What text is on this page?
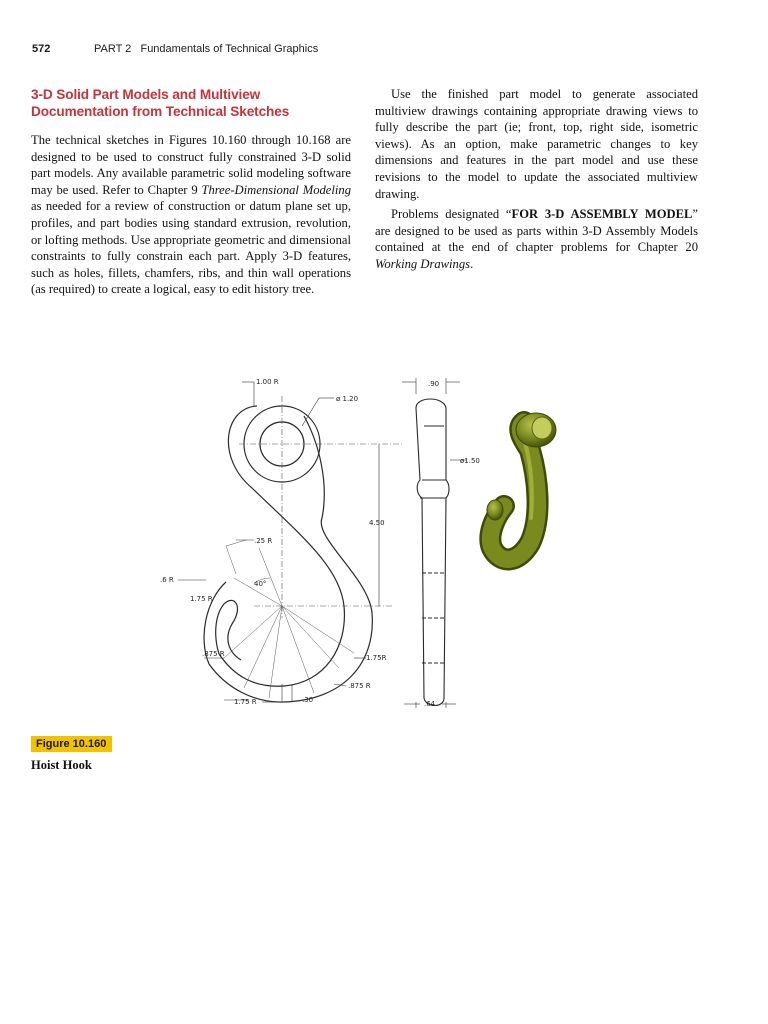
572	PART 2 Fundamentals of Technical Graphics
3-D Solid Part Models and Multiview
Documentation from Technical Sketches

The technical sketches in Figures 10.160 through 10.168 are designed to be used to construct fully constrained 3-D solid part models. Any available parametric solid modeling software may be used. Refer to Chapter 9 Three-Dimensional Modeling as needed for a review of construction or datum plane set up, profiles, and part bodies using standard extrusion, revolution, or lofting methods. Use appropriate geometric and dimensional constraints to fully constrain each part. Apply 3-D features, such as holes, fillets, chamfers, ribs, and thin wall operations (as required) to create a logical, easy to edit history tree.

Use the finished part model to generate associated multiview drawings containing appropriate drawing views to fully describe the part (ie; front, top, right side, isometric views). As an option, make parametric changes to key dimensions and features in the part model and use these revisions to the model to update the associated multiview drawing.

Problems designated “FOR 3-D ASSEMBLY MODEL” are designed to be used as parts within 3-D Assembly Models contained at the end of chapter problems for Chapter 20 Working Drawings.

1.00 R
ø 1.20
.90
ø1.50
4.50
.25 R
.6 R	40°
1.75 R
.875 R	1.75R
.875 R
1.75 R	.30	.64
Figure 10.160
Hoist Hook
